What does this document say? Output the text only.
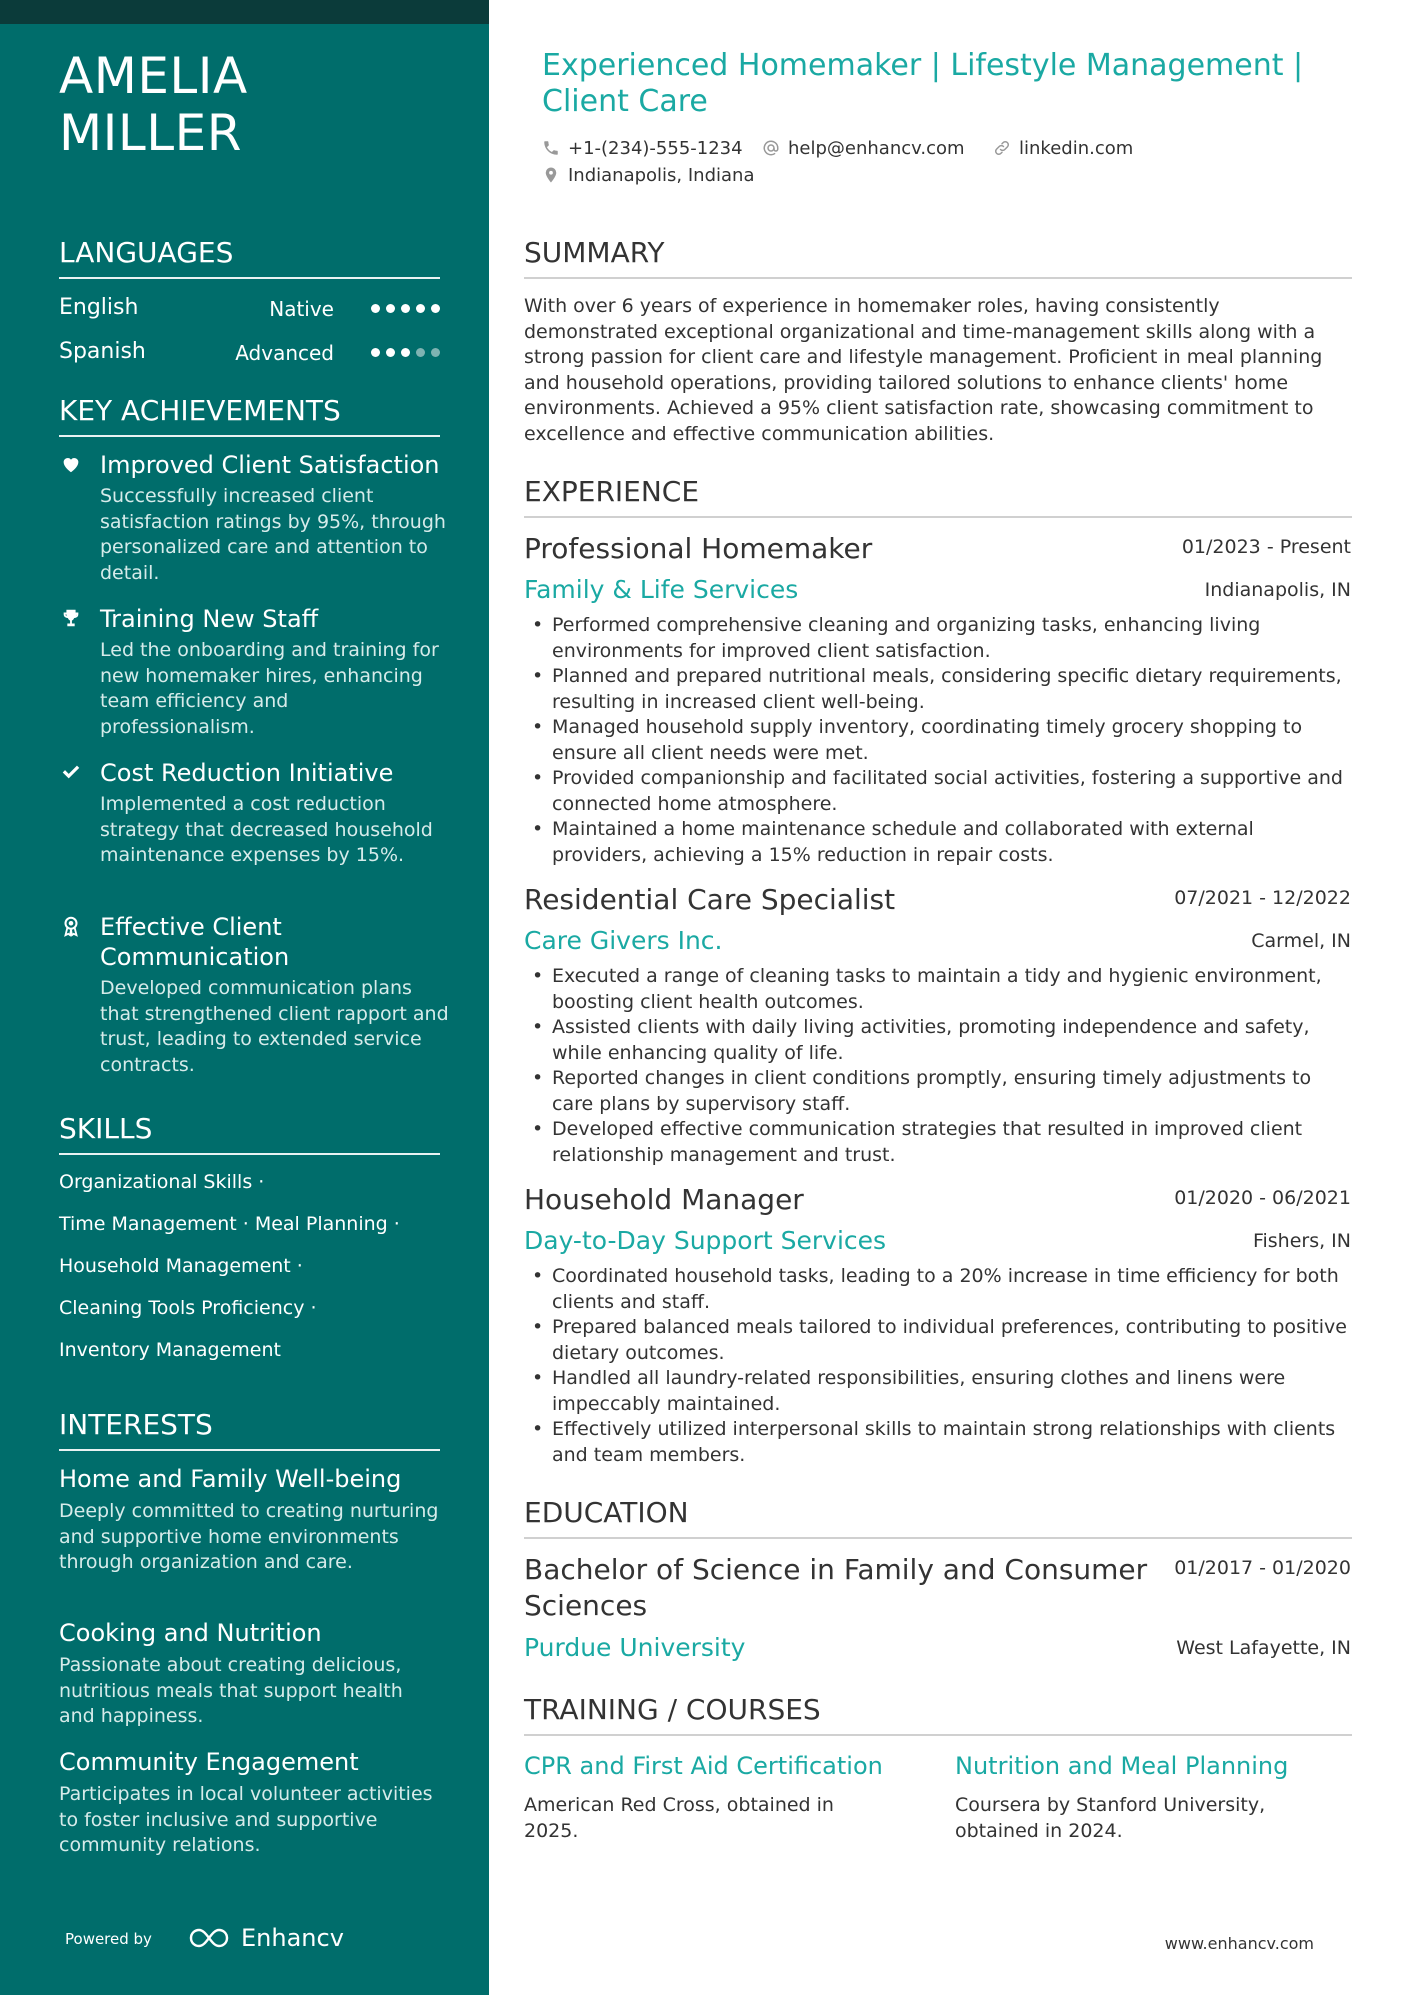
AMELIA
MILLER
LANGUAGES
English	Native
Spanish	Advanced
KEY ACHIEVEMENTS
Improved Client Satisfaction
Successfully increased client satisfaction ratings by 95%, through personalized care and attention to detail.
Training New Staff
Led the onboarding and training for new homemaker hires, enhancing team efficiency and professionalism.
Cost Reduction Initiative
Implemented a cost reduction strategy that decreased household maintenance expenses by 15%.
Effective Client Communication
Developed communication plans that strengthened client rapport and trust, leading to extended service contracts.
SKILLS
Organizational Skills ·
Time Management · Meal Planning ·
Household Management ·
Cleaning Tools Proficiency ·
Inventory Management
INTERESTS
Home and Family Well-being
Deeply committed to creating nurturing and supportive home environments through organization and care.
Cooking and Nutrition
Passionate about creating delicious, nutritious meals that support health and happiness.
Community Engagement
Participates in local volunteer activities to foster inclusive and supportive community relations.
Powered by	Enhancv
Experienced Homemaker | Lifestyle Management | Client Care
+1-(234)-555-1234	help@enhancv.com	linkedin.com
Indianapolis, Indiana
SUMMARY
With over 6 years of experience in homemaker roles, having consistently demonstrated exceptional organizational and time-management skills along with a strong passion for client care and lifestyle management. Proficient in meal planning and household operations, providing tailored solutions to enhance clients' home environments. Achieved a 95% client satisfaction rate, showcasing commitment to excellence and effective communication abilities.
EXPERIENCE
Professional Homemaker	01/2023 - Present
Family & Life Services	Indianapolis, IN
• Performed comprehensive cleaning and organizing tasks, enhancing living environments for improved client satisfaction.
• Planned and prepared nutritional meals, considering specific dietary requirements, resulting in increased client well-being.
• Managed household supply inventory, coordinating timely grocery shopping to ensure all client needs were met.
• Provided companionship and facilitated social activities, fostering a supportive and connected home atmosphere.
• Maintained a home maintenance schedule and collaborated with external providers, achieving a 15% reduction in repair costs.
Residential Care Specialist	07/2021 - 12/2022
Care Givers Inc.	Carmel, IN
• Executed a range of cleaning tasks to maintain a tidy and hygienic environment, boosting client health outcomes.
• Assisted clients with daily living activities, promoting independence and safety, while enhancing quality of life.
• Reported changes in client conditions promptly, ensuring timely adjustments to care plans by supervisory staff.
• Developed effective communication strategies that resulted in improved client relationship management and trust.
Household Manager	01/2020 - 06/2021
Day-to-Day Support Services	Fishers, IN
• Coordinated household tasks, leading to a 20% increase in time efficiency for both clients and staff.
• Prepared balanced meals tailored to individual preferences, contributing to positive dietary outcomes.
• Handled all laundry-related responsibilities, ensuring clothes and linens were impeccably maintained.
• Effectively utilized interpersonal skills to maintain strong relationships with clients and team members.
EDUCATION
Bachelor of Science in Family and Consumer Sciences
01/2017 - 01/2020
Purdue University	West Lafayette, IN
TRAINING / COURSES
CPR and First Aid Certification
American Red Cross, obtained in 2025.
Nutrition and Meal Planning
Coursera by Stanford University, obtained in 2024.
www.enhancv.com
